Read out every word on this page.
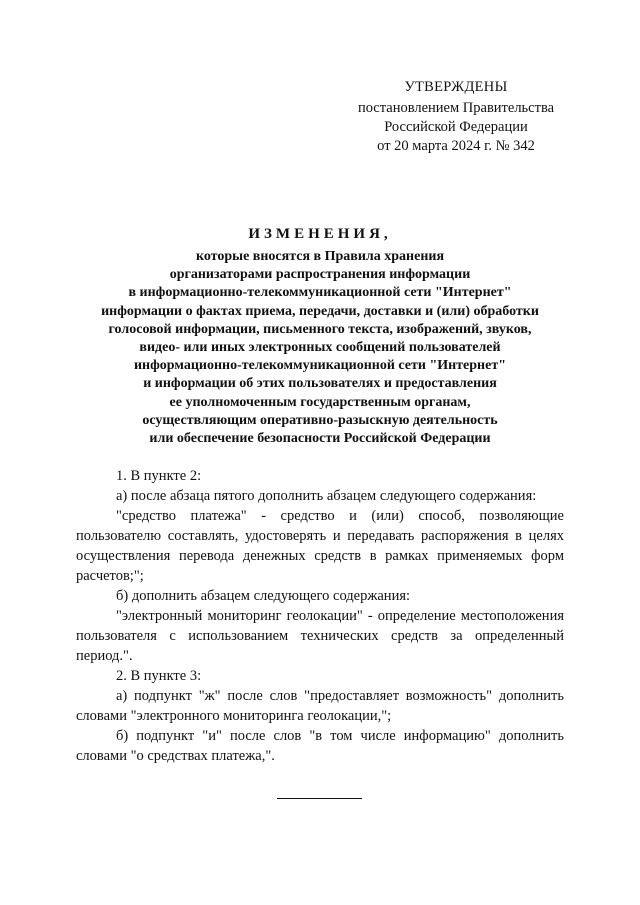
УТВЕРЖДЕНЫ
постановлением Правительства
Российской Федерации
от 20 марта 2024 г. № 342
ИЗМЕНЕНИЯ,
которые вносятся в Правила хранения
организаторами распространения информации
в информационно-телекоммуникационной сети "Интернет"
информации о фактах приема, передачи, доставки и (или) обработки
голосовой информации, письменного текста, изображений, звуков,
видео- или иных электронных сообщений пользователей
информационно-телекоммуникационной сети "Интернет"
и информации об этих пользователях и предоставления
ее уполномоченным государственным органам,
осуществляющим оперативно-разыскную деятельность
или обеспечение безопасности Российской Федерации
1. В пункте 2:
а) после абзаца пятого дополнить абзацем следующего содержания:
"средство платежа" - средство и (или) способ, позволяющие пользователю составлять, удостоверять и передавать распоряжения в целях осуществления перевода денежных средств в рамках применяемых форм расчетов;";
б) дополнить абзацем следующего содержания:
"электронный мониторинг геолокации" - определение местоположения пользователя с использованием технических средств за определенный период.".
2. В пункте 3:
а) подпункт "ж" после слов "предоставляет возможность" дополнить словами "электронного мониторинга геолокации,";
б) подпункт "и" после слов "в том числе информацию" дополнить словами "о средствах платежа,".
